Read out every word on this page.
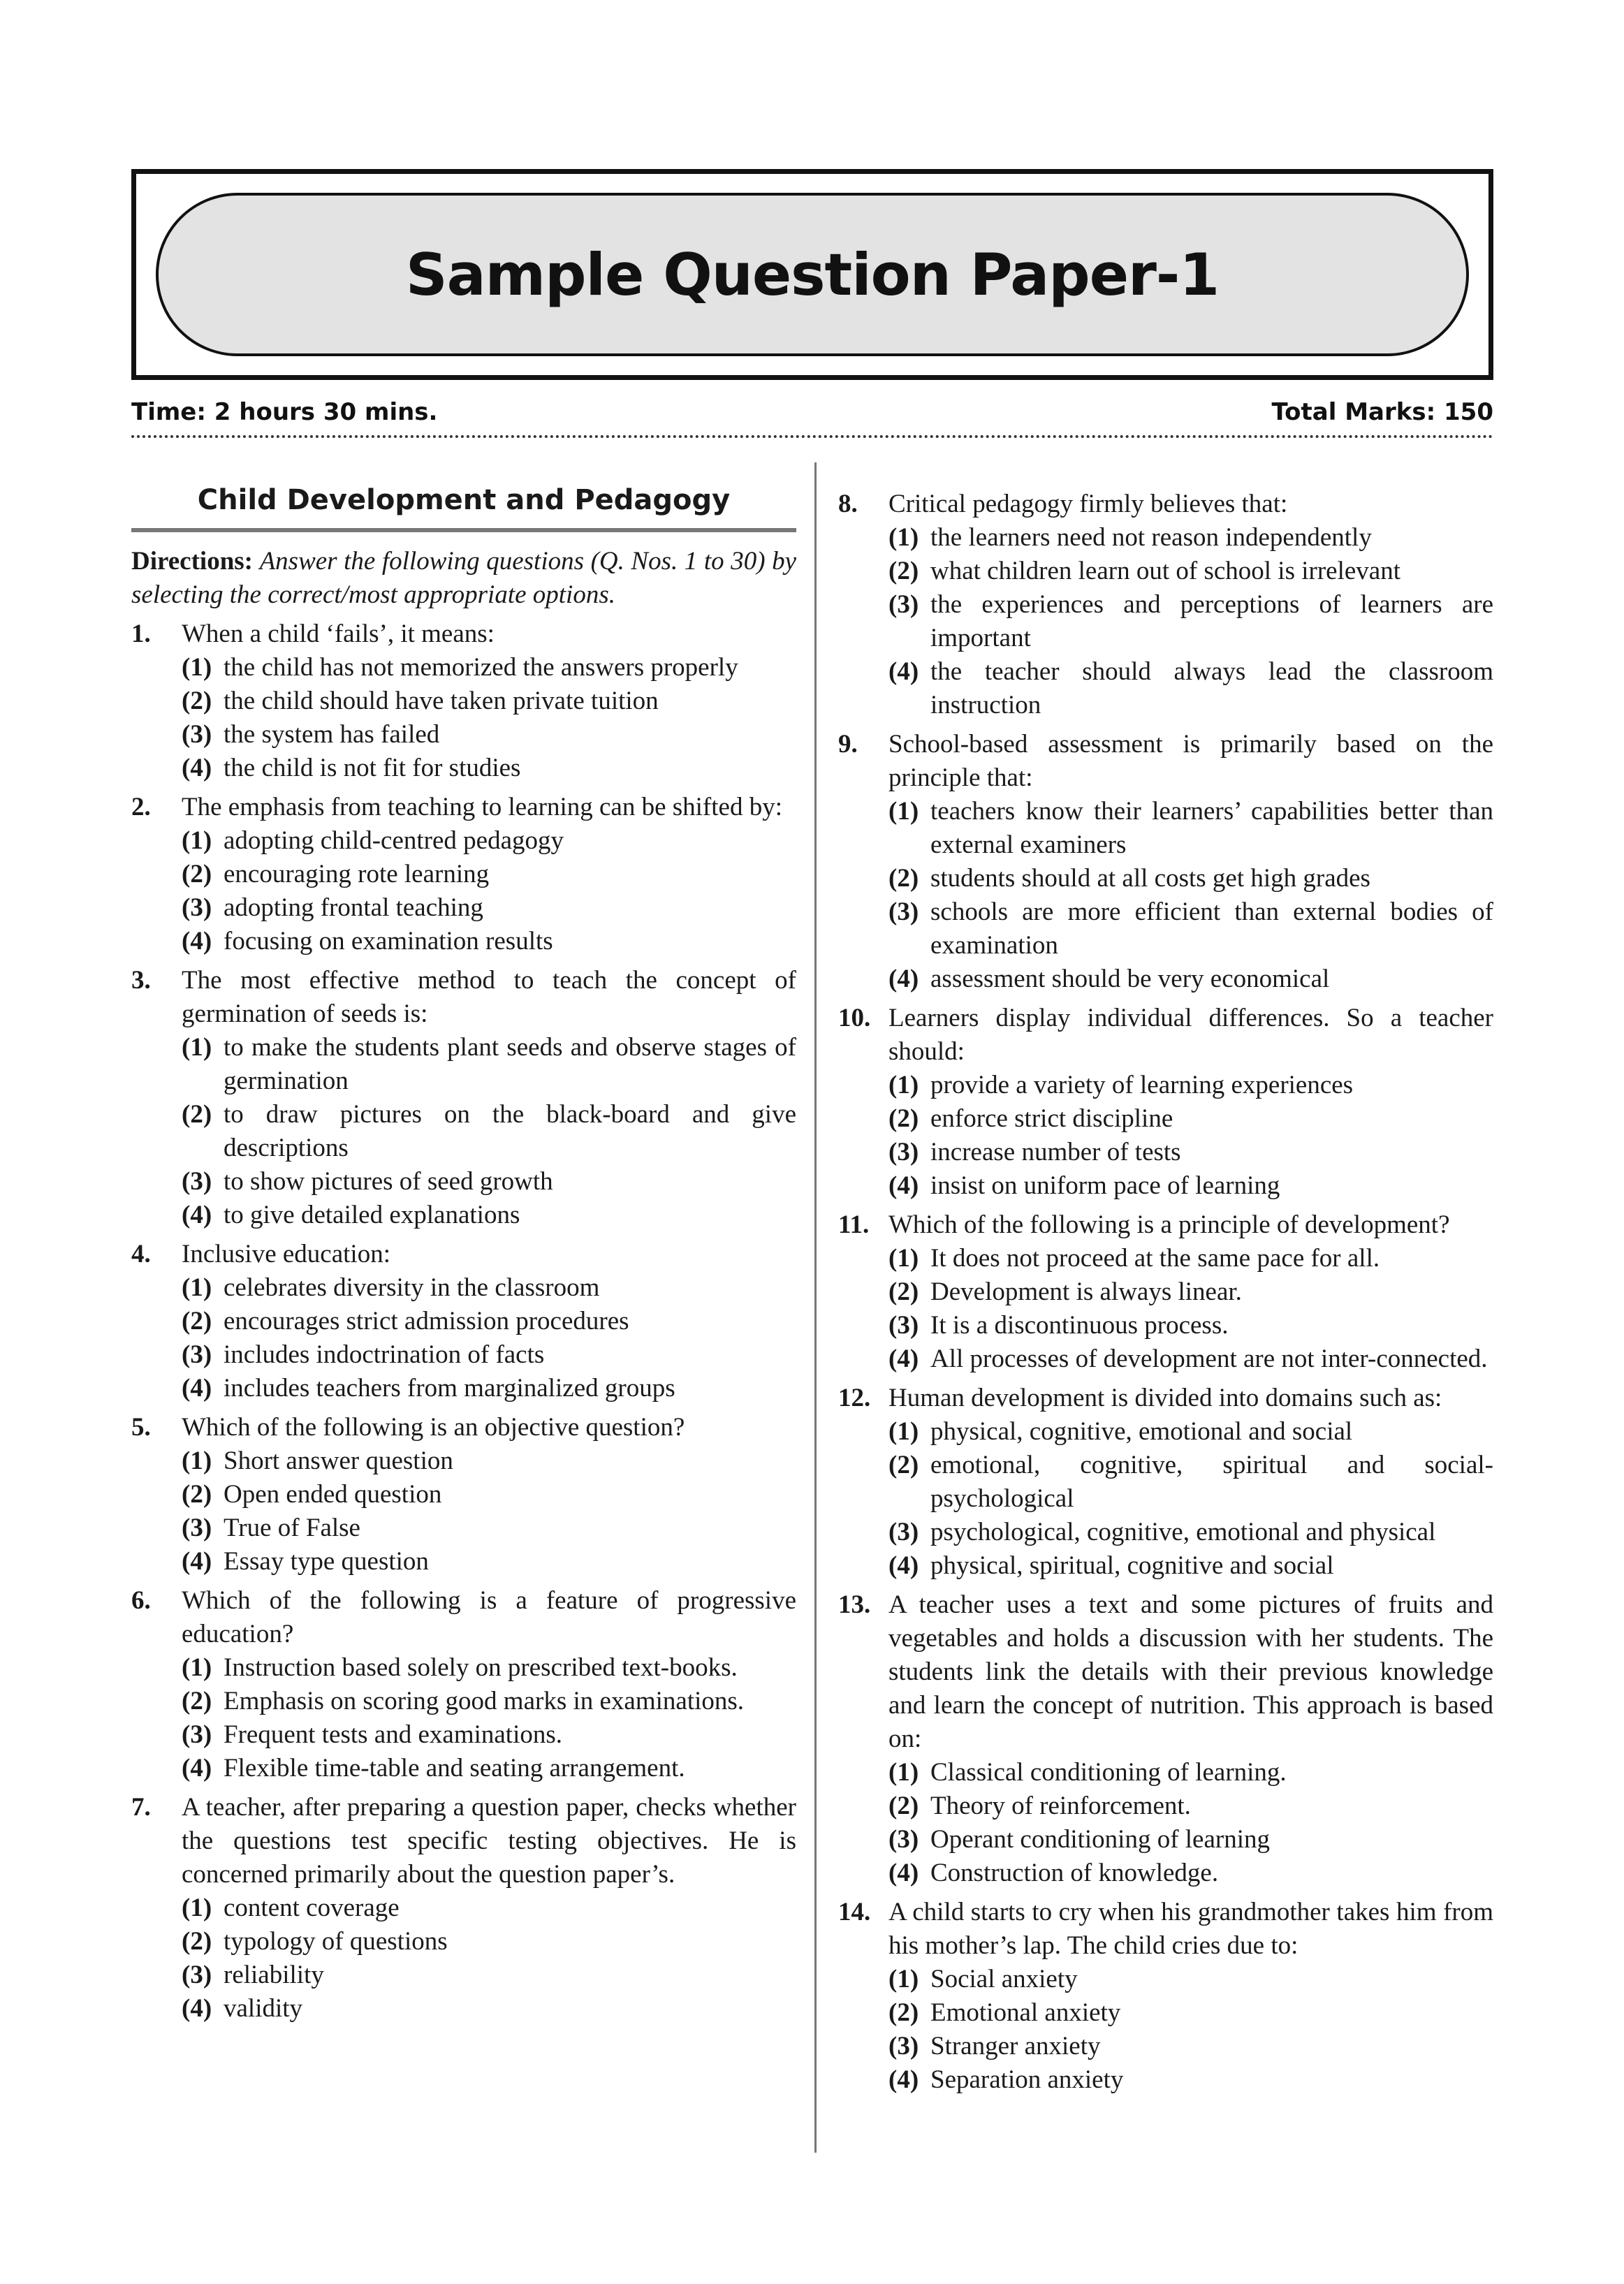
Sample Question Paper-1
Time: 2 hours 30 mins.	Total Marks: 150
Child Development and Pedagogy
Directions: Answer the following questions (Q. Nos. 1 to 30) by selecting the correct/most appropriate options.
1.	When a child ‘fails’, it means:
(1) the child has not memorized the answers properly
(2) the child should have taken private tuition
(3) the system has failed
(4) the child is not fit for studies
2.	The emphasis from teaching to learning can be shifted by:
(1) adopting child-centred pedagogy
(2) encouraging rote learning
(3) adopting frontal teaching
(4) focusing on examination results
3.	The most effective method to teach the concept of germination of seeds is:
(1) to make the students plant seeds and observe stages of germination
(2) to draw pictures on the black-board and give descriptions
(3) to show pictures of seed growth
(4) to give detailed explanations
4.	Inclusive education:
(1) celebrates diversity in the classroom
(2) encourages strict admission procedures
(3) includes indoctrination of facts
(4) includes teachers from marginalized groups
5.	Which of the following is an objective question?
(1) Short answer question
(2) Open ended question
(3) True of False
(4) Essay type question
6.	Which of the following is a feature of progressive education?
(1) Instruction based solely on prescribed text-books.
(2) Emphasis on scoring good marks in examinations.
(3) Frequent tests and examinations.
(4) Flexible time-table and seating arrangement.
7.	A teacher, after preparing a question paper, checks whether the questions test specific testing objectives. He is concerned primarily about the question paper’s.
(1) content coverage
(2) typology of questions
(3) reliability
(4) validity
8.	Critical pedagogy firmly believes that:
(1) the learners need not reason independently
(2) what children learn out of school is irrelevant
(3) the experiences and perceptions of learners are important
(4) the teacher should always lead the classroom instruction
9.	School-based assessment is primarily based on the principle that:
(1) teachers know their learners’ capabilities better than external examiners
(2) students should at all costs get high grades
(3) schools are more efficient than external bodies of examination
(4) assessment should be very economical
10. Learners display individual differences. So a teacher should:
(1) provide a variety of learning experiences
(2) enforce strict discipline
(3) increase number of tests
(4) insist on uniform pace of learning
11. Which of the following is a principle of development?
(1) It does not proceed at the same pace for all.
(2) Development is always linear.
(3) It is a discontinuous process.
(4) All processes of development are not inter-connected.
12. Human development is divided into domains such as:
(1) physical, cognitive, emotional and social
(2) emotional, cognitive, spiritual and social-psychological
(3) psychological, cognitive, emotional and physical
(4) physical, spiritual, cognitive and social
13. A teacher uses a text and some pictures of fruits and vegetables and holds a discussion with her students. The students link the details with their previous knowledge and learn the concept of nutrition. This approach is based on:
(1) Classical conditioning of learning.
(2) Theory of reinforcement.
(3) Operant conditioning of learning
(4) Construction of knowledge.
14. A child starts to cry when his grandmother takes him from his mother’s lap. The child cries due to:
(1) Social anxiety
(2) Emotional anxiety
(3) Stranger anxiety
(4) Separation anxiety
